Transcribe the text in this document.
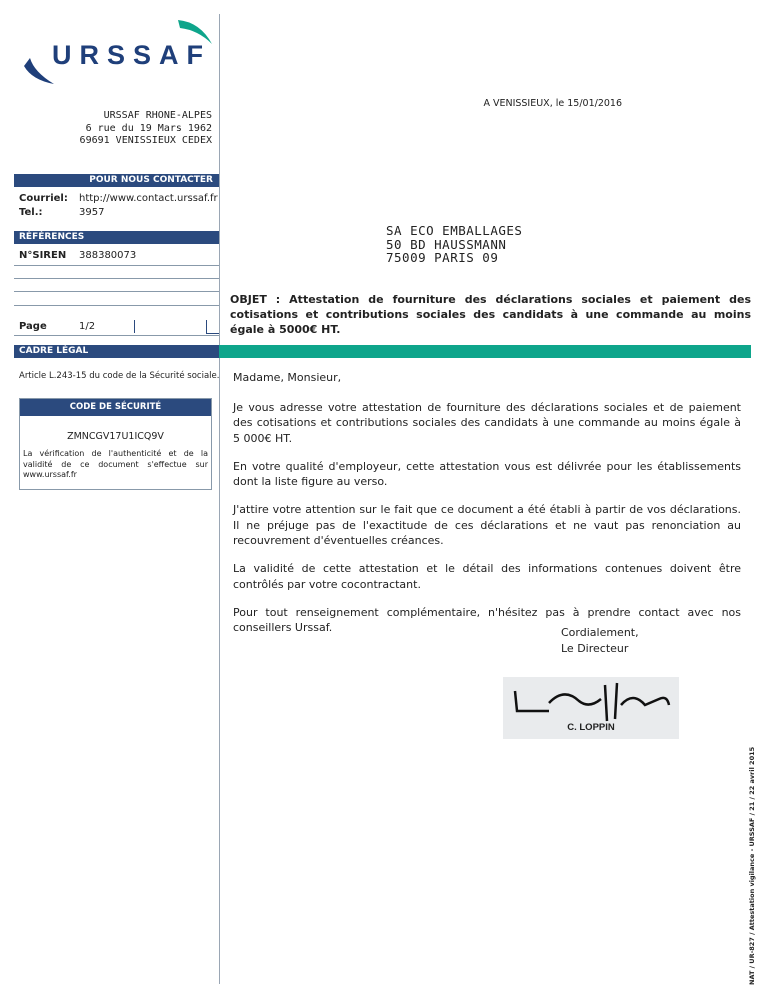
URSSAF
URSSAF RHONE-ALPES
6 rue du 19 Mars 1962
69691 VENISSIEUX CEDEX
A VENISSIEUX, le 15/01/2016
POUR NOUS CONTACTER
Courriel: http://www.contact.urssaf.fr
Tel.:	3957
RÉFÉRENCES
N°SIREN 388380073
Page	1/2
SA ECO EMBALLAGES
50 BD HAUSSMANN
75009 PARIS 09
OBJET : Attestation de fourniture des déclarations sociales et paiement des cotisations et contributions sociales des candidats à une commande au moins égale à 5000€ HT.
CADRE LÉGAL
Article L.243-15 du code de la Sécurité sociale.
CODE DE SÉCURITÉ
ZMNCGV17U1ICQ9V
La vérification de l'authenticité et de la validité de ce document s'effectue sur www.urssaf.fr

Madame, Monsieur,

Je vous adresse votre attestation de fourniture des déclarations sociales et de paiement des cotisations et contributions sociales des candidats à une commande au moins égale à 5 000€ HT.

En votre qualité d'employeur, cette attestation vous est délivrée pour les établissements dont la liste figure au verso.

J'attire votre attention sur le fait que ce document a été établi à partir de vos déclarations. Il ne préjuge pas de l'exactitude de ces déclarations et ne vaut pas renonciation au recouvrement d'éventuelles créances.

La validité de cette attestation et le détail des informations contenues doivent être contrôlés par votre cocontractant.

Pour tout renseignement complémentaire, n'hésitez pas à prendre contact avec nos conseillers Urssaf.	Cordialement,
Le Directeur
C. LOPPIN
NAT / UR-827 / Attestation vigilance - URSSAF / 21 / 22 avril 2015
